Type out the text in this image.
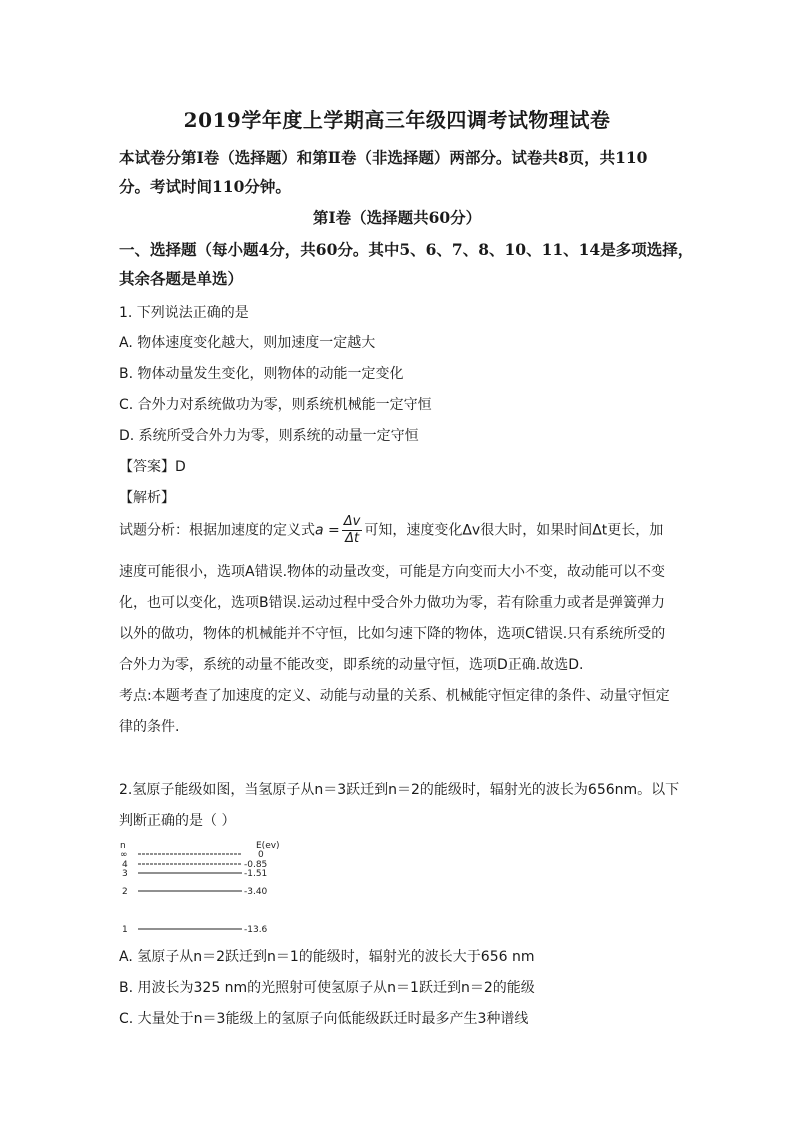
2019学年度上学期高三年级四调考试物理试卷
本试卷分第Ⅰ卷（选择题）和第Ⅱ卷（非选择题）两部分。试卷共8页，共110
分。考试时间110分钟。
第Ⅰ卷（选择题共60分）
一、选择题（每小题4分，共60分。其中5、6、7、8、10、11、14是多项选择，
其余各题是单选）
1. 下列说法正确的是
A. 物体速度变化越大，则加速度一定越大
B. 物体动量发生变化，则物体的动能一定变化
C. 合外力对系统做功为零，则系统机械能一定守恒
D. 系统所受合外力为零，则系统的动量一定守恒
【答案】D
【解析】
试题分析：根据加速度的定义式$a = \frac{\Delta v}{\Delta t}$ 可知，速度变化Δv很大时，如果时间Δt更长，加
速度可能很小，选项A错误.物体的动量改变，可能是方向变而大小不变，故动能可以不变
化，也可以变化，选项B错误.运动过程中受合外力做功为零，若有除重力或者是弹簧弹力
以外的做功，物体的机械能并不守恒，比如匀速下降的物体，选项C错误.只有系统所受的
合外力为零，系统的动量不能改变，即系统的动量守恒，选项D正确.故选D.
考点:本题考查了加速度的定义、动能与动量的关系、机械能守恒定律的条件、动量守恒定
律的条件.
2.氢原子能级如图，当氢原子从n＝3跃迁到n＝2的能级时，辐射光的波长为656nm。以下
判断正确的是（ ）
n	E(ev)
∞	0
4	-0.85
3	-1.51
2	-3.40
1	-13.6
A. 氢原子从n＝2跃迁到n＝1的能级时，辐射光的波长大于656 nm
B. 用波长为325 nm的光照射可使氢原子从n＝1跃迁到n＝2的能级
C. 大量处于n＝3能级上的氢原子向低能级跃迁时最多产生3种谱线
